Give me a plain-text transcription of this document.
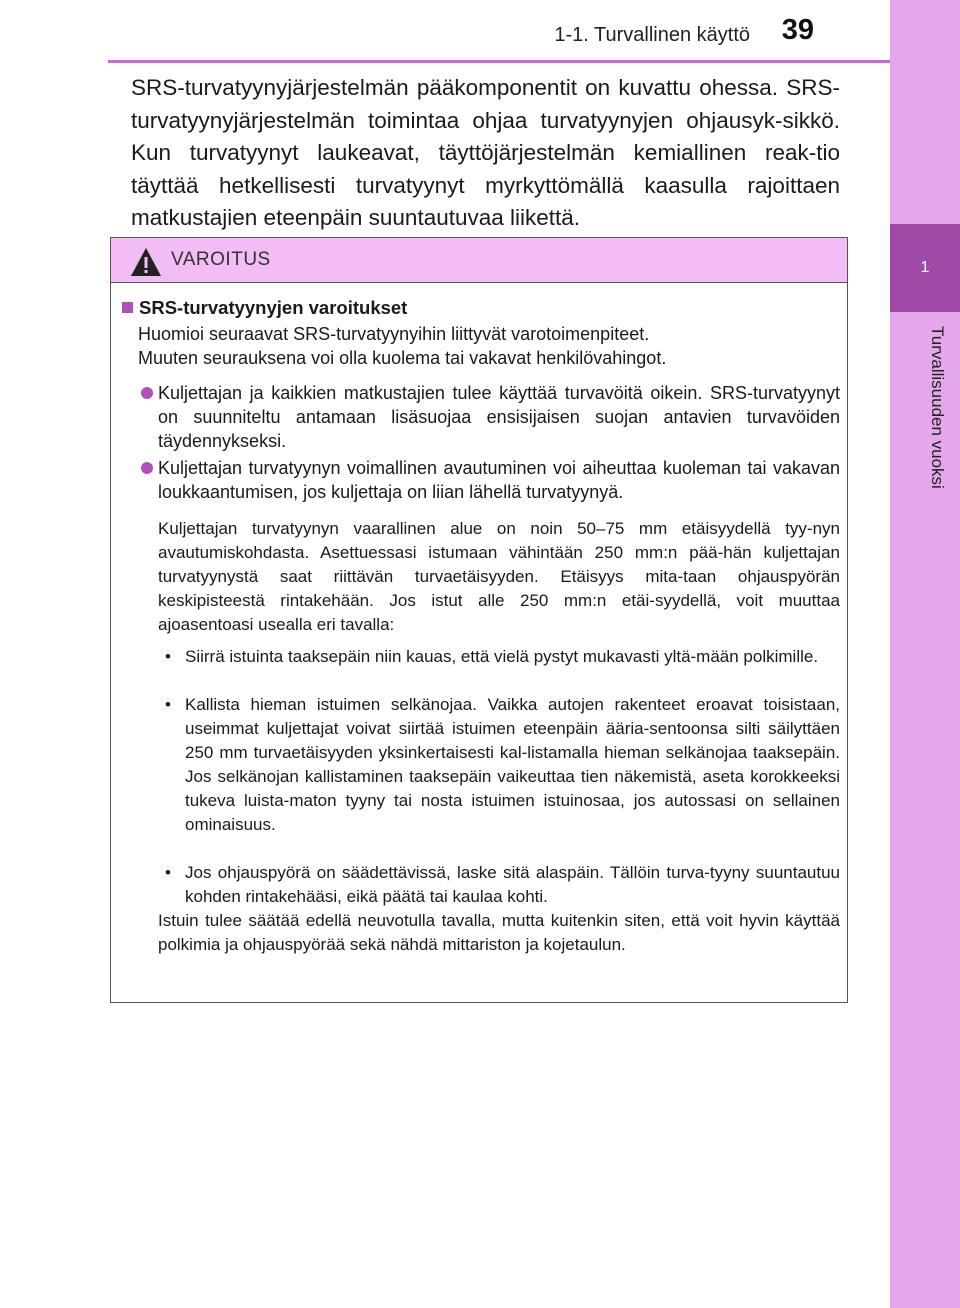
1-1. Turvallinen käyttö 39
1
Turvallisuuden vuoksi

SRS-turvatyynyjärjestelmän pääkomponentit on kuvattu ohessa. SRS-turvatyynyjärjestelmän toimintaa ohjaa turvatyynyjen ohjausyk-sikkö. Kun turvatyynyt laukeavat, täyttöjärjestelmän kemiallinen reak-tio täyttää hetkellisesti turvatyynyt myrkyttömällä kaasulla rajoittaen matkustajien eteenpäin suuntautuvaa liikettä.

VAROITUS
SRS-turvatyynyjen varoitukset

Huomioi seuraavat SRS-turvatyynyihin liittyvät varotoimenpiteet.

Muuten seurauksena voi olla kuolema tai vakavat henkilövahingot.

Kuljettajan ja kaikkien matkustajien tulee käyttää turvavöitä oikein. SRS-turvatyynyt on suunniteltu antamaan lisäsuojaa ensisijaisen suojan antavien turvavöiden täydennykseksi.

Kuljettajan turvatyynyn voimallinen avautuminen voi aiheuttaa kuoleman tai vakavan loukkaantumisen, jos kuljettaja on liian lähellä turvatyynyä.

Kuljettajan turvatyynyn vaarallinen alue on noin 50–75 mm etäisyydellä tyy-nyn avautumiskohdasta. Asettuessasi istumaan vähintään 250 mm:n pää-hän kuljettajan turvatyynystä saat riittävän turvaetäisyyden. Etäisyys mita-taan ohjauspyörän keskipisteestä rintakehään. Jos istut alle 250 mm:n etäi-syydellä, voit muuttaa ajoasentoasi usealla eri tavalla:

• Siirrä istuinta taaksepäin niin kauas, että vielä pystyt mukavasti yltä-mään polkimille.

• Kallista hieman istuimen selkänojaa. Vaikka autojen rakenteet eroavat toisistaan, useimmat kuljettajat voivat siirtää istuimen eteenpäin ääria-sentoonsa silti säilyttäen 250 mm turvaetäisyyden yksinkertaisesti kal-listamalla hieman selkänojaa taaksepäin. Jos selkänojan kallistaminen taaksepäin vaikeuttaa tien näkemistä, aseta korokkeeksi tukeva luista-maton tyyny tai nosta istuimen istuinosaa, jos autossasi on sellainen ominaisuus.

• Jos ohjauspyörä on säädettävissä, laske sitä alaspäin. Tällöin turva-tyyny suuntautuu kohden rintakehääsi, eikä päätä tai kaulaa kohti.

Istuin tulee säätää edellä neuvotulla tavalla, mutta kuitenkin siten, että voit hyvin käyttää polkimia ja ohjauspyörää sekä nähdä mittariston ja kojetaulun.
